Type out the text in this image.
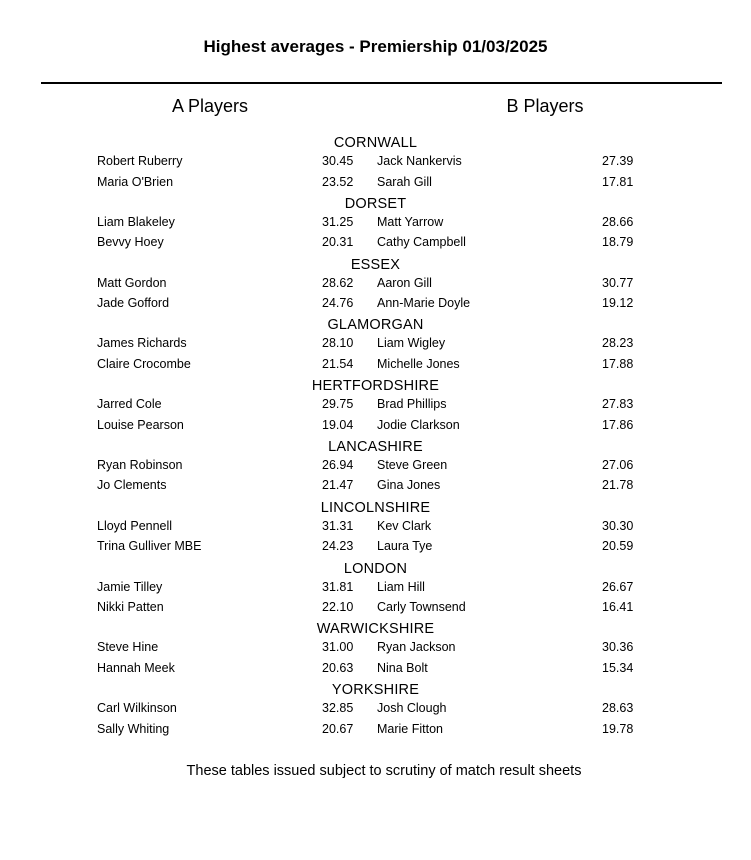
Highest averages - Premiership 01/03/2025
A Players	B Players
CORNWALL
Robert Ruberry	30.45 Jack Nankervis	27.39
Maria O'Brien	23.52 Sarah Gill	17.81
DORSET
Liam Blakeley	31.25 Matt Yarrow	28.66
Bevvy Hoey	20.31 Cathy Campbell	18.79
ESSEX
Matt Gordon	28.62 Aaron Gill	30.77
Jade Gofford	24.76 Ann-Marie Doyle	19.12
GLAMORGAN
James Richards	28.10 Liam Wigley	28.23
Claire Crocombe	21.54 Michelle Jones	17.88
HERTFORDSHIRE
Jarred Cole	29.75 Brad Phillips	27.83
Louise Pearson	19.04 Jodie Clarkson	17.86
LANCASHIRE
Ryan Robinson	26.94 Steve Green	27.06
Jo Clements	21.47 Gina Jones	21.78
LINCOLNSHIRE
Lloyd Pennell	31.31 Kev Clark	30.30
Trina Gulliver MBE	24.23 Laura Tye	20.59
LONDON
Jamie Tilley	31.81 Liam Hill	26.67
Nikki Patten	22.10 Carly Townsend	16.41
WARWICKSHIRE
Steve Hine	31.00 Ryan Jackson	30.36
Hannah Meek	20.63 Nina Bolt	15.34
YORKSHIRE
Carl Wilkinson	32.85 Josh Clough	28.63
Sally Whiting	20.67 Marie Fitton	19.78
These tables issued subject to scrutiny of match result sheets
